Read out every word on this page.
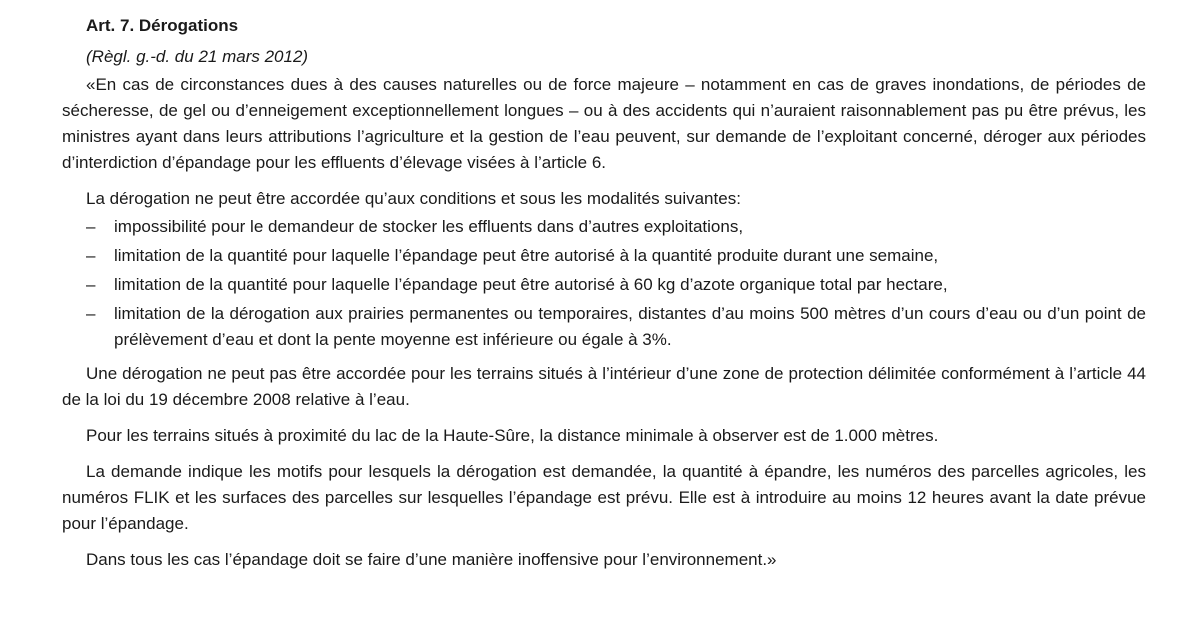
Art. 7. Dérogations
(Règl. g.-d. du 21 mars 2012)

«En cas de circonstances dues à des causes naturelles ou de force majeure – notamment en cas de graves inondations, de périodes de sécheresse, de gel ou d’enneigement exceptionnellement longues – ou à des accidents qui n’auraient raisonnablement pas pu être prévus, les ministres ayant dans leurs attributions l’agriculture et la gestion de l’eau peuvent, sur demande de l’exploitant concerné, déroger aux périodes d’interdiction d’épandage pour les effluents d’élevage visées à l’article 6.

La dérogation ne peut être accordée qu’aux conditions et sous les modalités suivantes:

– impossibilité pour le demandeur de stocker les effluents dans d’autres exploitations,
– limitation de la quantité pour laquelle l’épandage peut être autorisé à la quantité produite durant une semaine,
– limitation de la quantité pour laquelle l’épandage peut être autorisé à 60 kg d’azote organique total par hectare,
– limitation de la dérogation aux prairies permanentes ou temporaires, distantes d’au moins 500 mètres d’un cours d’eau ou d’un point de prélèvement d’eau et dont la pente moyenne est inférieure ou égale à 3%.

Une dérogation ne peut pas être accordée pour les terrains situés à l’intérieur d’une zone de protection délimitée conformément à l’article 44 de la loi du 19 décembre 2008 relative à l’eau.

Pour les terrains situés à proximité du lac de la Haute-Sûre, la distance minimale à observer est de 1.000 mètres.

La demande indique les motifs pour lesquels la dérogation est demandée, la quantité à épandre, les numéros des parcelles agricoles, les numéros FLIK et les surfaces des parcelles sur lesquelles l’épandage est prévu. Elle est à introduire au moins 12 heures avant la date prévue pour l’épandage.

Dans tous les cas l’épandage doit se faire d’une manière inoffensive pour l’environnement.»
